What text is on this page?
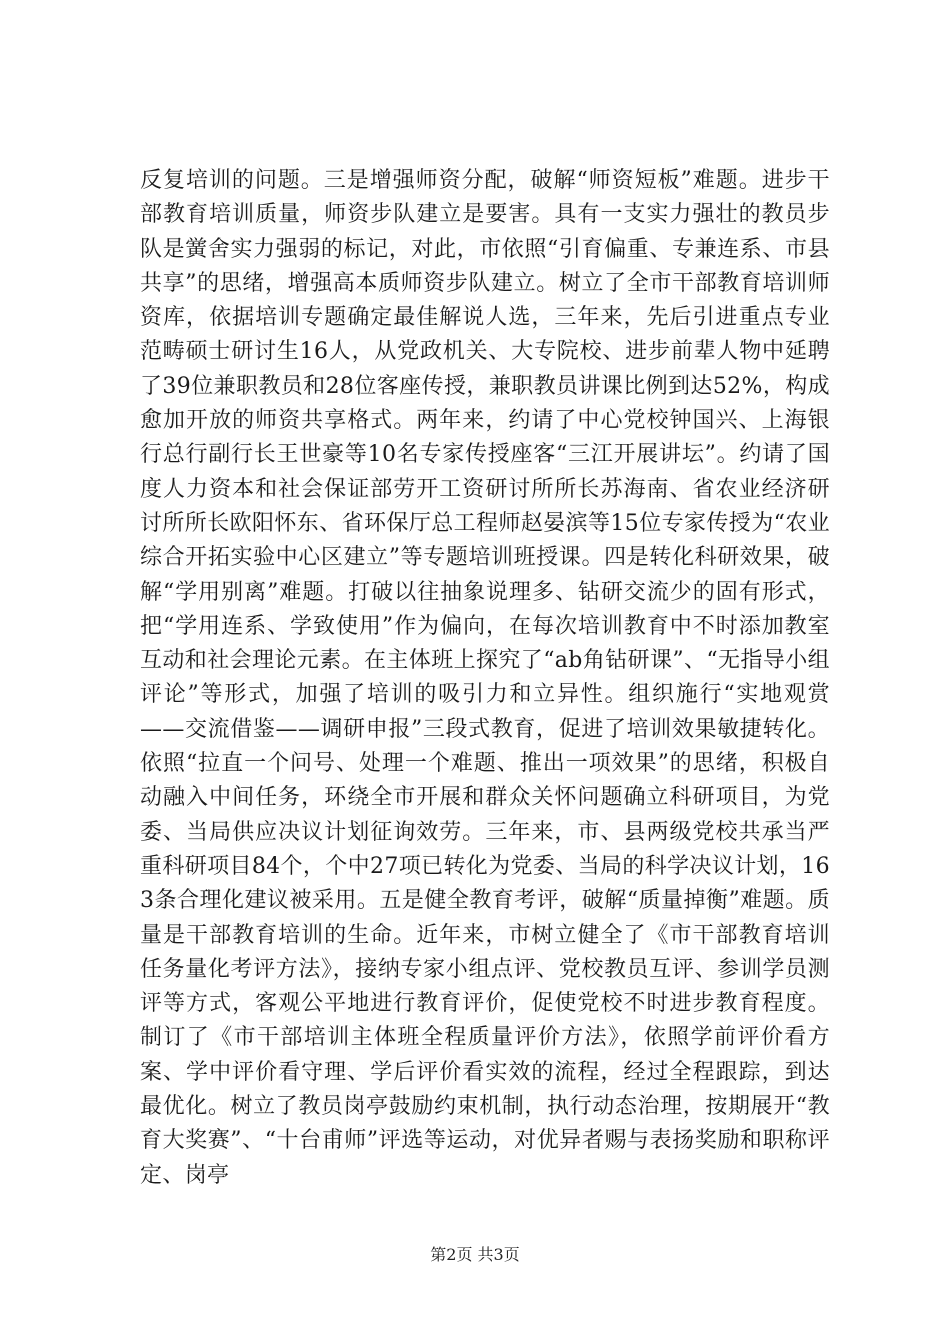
反复培训的问题。三是增强师资分配，破解“师资短板”难题。进步干部教育培训质量，师资步队建立是要害。具有一支实力强壮的教员步队是黉舍实力强弱的标记，对此，市依照“引育偏重、专兼连系、市县共享”的思绪，增强高本质师资步队建立。树立了全市干部教育培训师资库，依据培训专题确定最佳解说人选，三年来，先后引进重点专业范畴硕士研讨生16人，从党政机关、大专院校、进步前辈人物中延聘了39位兼职教员和28位客座传授，兼职教员讲课比例到达52%，构成愈加开放的师资共享格式。两年来，约请了中心党校钟国兴、上海银行总行副行长王世豪等10名专家传授座客“三江开展讲坛”。约请了国度人力资本和社会保证部劳开工资研讨所所长苏海南、省农业经济研讨所所长欧阳怀东、省环保厅总工程师赵晏滨等15位专家传授为“农业综合开拓实验中心区建立”等专题培训班授课。四是转化科研效果，破解“学用别离”难题。打破以往抽象说理多、钻研交流少的固有形式，把“学用连系、学致使用”作为偏向，在每次培训教育中不时添加教室互动和社会理论元素。在主体班上探究了“ab角钻研课”、“无指导小组评论”等形式，加强了培训的吸引力和立异性。组织施行“实地观赏——交流借鉴——调研申报”三段式教育，促进了培训效果敏捷转化。依照“拉直一个问号、处理一个难题、推出一项效果”的思绪，积极自动融入中间任务，环绕全市开展和群众关怀问题确立科研项目，为党委、当局供应决议计划征询效劳。三年来，市、县两级党校共承当严重科研项目84个，个中27项已转化为党委、当局的科学决议计划，163条合理化建议被采用。五是健全教育考评，破解“质量掉衡”难题。质量是干部教育培训的生命。近年来，市树立健全了《市干部教育培训任务量化考评方法》，接纳专家小组点评、党校教员互评、参训学员测评等方式，客观公平地进行教育评价，促使党校不时进步教育程度。制订了《市干部培训主体班全程质量评价方法》，依照学前评价看方案、学中评价看守理、学后评价看实效的流程，经过全程跟踪，到达最优化。树立了教员岗亭鼓励约束机制，执行动态治理，按期展开“教育大奖赛”、“十台甫师”评选等运动，对优异者赐与表扬奖励和职称评定、岗亭

第2页 共3页
